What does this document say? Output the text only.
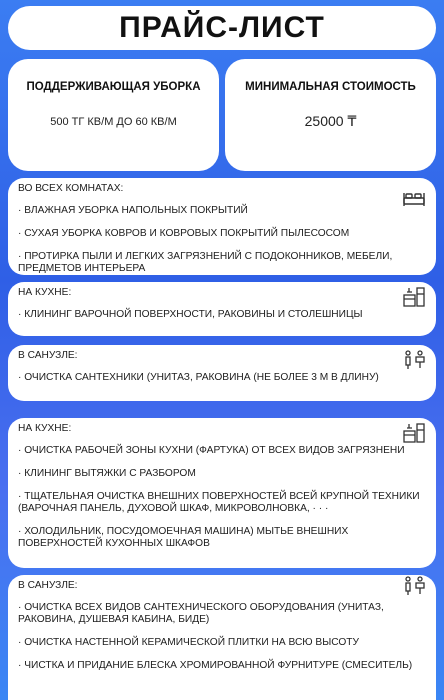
ПРАЙС-ЛИСТ
ПОДДЕРЖИВАЮЩАЯ УБОРКА
500 ТГ КВ/М ДО 60 КВ/М
МИНИМАЛЬНАЯ СТОИМОСТЬ
25000 ₸
ВО ВСЕХ КОМНАТАХ:
· ВЛАЖНАЯ УБОРКА НАПОЛЬНЫХ ПОКРЫТИЙ
· СУХАЯ УБОРКА КОВРОВ И КОВРОВЫХ ПОКРЫТИЙ ПЫЛЕСОСОМ
· ПРОТИРКА ПЫЛИ И ЛЕГКИХ ЗАГРЯЗНЕНИЙ С ПОДОКОННИКОВ, МЕБЕЛИ, ПРЕДМЕТОВ ИНТЕРЬЕРА
НА КУХНЕ:
· КЛИНИНГ ВАРОЧНОЙ ПОВЕРХНОСТИ, РАКОВИНЫ И СТОЛЕШНИЦЫ
В САНУЗЛЕ:
· ОЧИСТКА САНТЕХНИКИ (УНИТАЗ, РАКОВИНА (НЕ БОЛЕЕ 3 М В ДЛИНУ)
НА КУХНЕ:
· ОЧИСТКА РАБОЧЕЙ ЗОНЫ КУХНИ (ФАРТУКА) ОТ ВСЕХ ВИДОВ ЗАГРЯЗНЕНИ
· КЛИНИНГ ВЫТЯЖКИ С РАЗБОРОМ
· ТЩАТЕЛЬНАЯ ОЧИСТКА ВНЕШНИХ ПОВЕРХНОСТЕЙ ВСЕЙ КРУПНОЙ ТЕХНИКИ (ВАРОЧНАЯ ПАНЕЛЬ, ДУХОВОЙ ШКАФ, МИКРОВОЛНОВКА, · · ·
· ХОЛОДИЛЬНИК, ПОСУДОМОЕЧНАЯ МАШИНА) МЫТЬЕ ВНЕШНИХ ПОВЕРХНОСТЕЙ КУХОННЫХ ШКАФОВ
В САНУЗЛЕ:
· ОЧИСТКА ВСЕХ ВИДОВ САНТЕХНИЧЕСКОГО ОБОРУДОВАНИЯ (УНИТАЗ, РАКОВИНА, ДУШЕВАЯ КАБИНА, БИДЕ)
· ОЧИСТКА НАСТЕННОЙ КЕРАМИЧЕСКОЙ ПЛИТКИ НА ВСЮ ВЫСОТУ
· ЧИСТКА И ПРИДАНИЕ БЛЕСКА ХРОМИРОВАННОЙ ФУРНИТУРЕ (СМЕСИТЕЛЬ)
